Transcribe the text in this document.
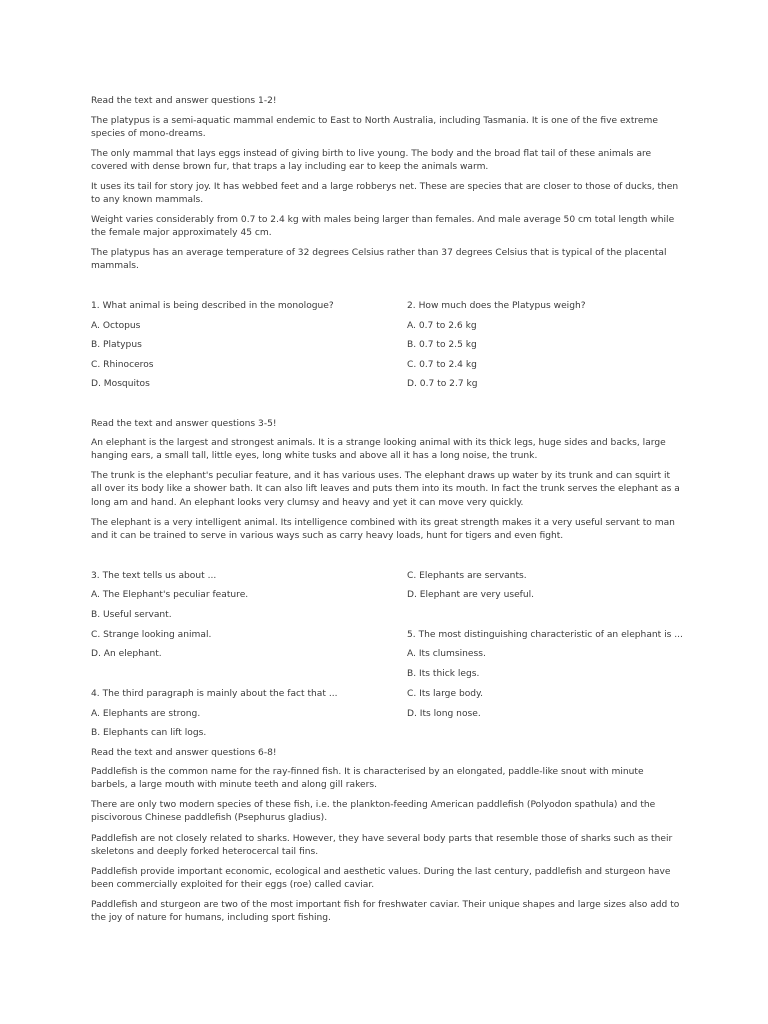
Read the text and answer questions 1-2!

The platypus is a semi-aquatic mammal endemic to East to North Australia, including Tasmania. It is one of the five extreme species of mono-dreams.

The only mammal that lays eggs instead of giving birth to live young. The body and the broad flat tail of these animals are covered with dense brown fur, that traps a lay including ear to keep the animals warm.

It uses its tail for story joy. It has webbed feet and a large robberys net. These are species that are closer to those of ducks, then to any known mammals.

Weight varies considerably from 0.7 to 2.4 kg with males being larger than females. And male average 50 cm total length while the female major approximately 45 cm.

The platypus has an average temperature of 32 degrees Celsius rather than 37 degrees Celsius that is typical of the placental mammals.

1. What animal is being described in the monologue?

A. Octopus

B. Platypus

C. Rhinoceros

D. Mosquitos

2. How much does the Platypus weigh?

A. 0.7 to 2.6 kg

B. 0.7 to 2.5 kg

C. 0.7 to 2.4 kg

D. 0.7 to 2.7 kg

Read the text and answer questions 3-5!

An elephant is the largest and strongest animals. It is a strange looking animal with its thick legs, huge sides and backs, large hanging ears, a small tall, little eyes, long white tusks and above all it has a long noise, the trunk.

The trunk is the elephant's peculiar feature, and it has various uses. The elephant draws up water by its trunk and can squirt it all over its body like a shower bath. It can also lift leaves and puts them into its mouth. In fact the trunk serves the elephant as a long am and hand. An elephant looks very clumsy and heavy and yet it can move very quickly.

The elephant is a very intelligent animal. Its intelligence combined with its great strength makes it a very useful servant to man and it can be trained to serve in various ways such as carry heavy loads, hunt for tigers and even fight.

3. The text tells us about ...

A. The Elephant's peculiar feature.

B. Useful servant.

C. Strange looking animal.

D. An elephant.

4. The third paragraph is mainly about the fact that ...

A. Elephants are strong.

B. Elephants can lift logs.

C. Elephants are servants.

D. Elephant are very useful.

5. The most distinguishing characteristic of an elephant is ...

A. Its clumsiness.

B. Its thick legs.

C. Its large body.

D. Its long nose.

Read the text and answer questions 6-8!

Paddlefish is the common name for the ray-finned fish. It is characterised by an elongated, paddle-like snout with minute barbels, a large mouth with minute teeth and along gill rakers.

There are only two modern species of these fish, i.e. the plankton-feeding American paddlefish (Polyodon spathula) and the piscivorous Chinese paddlefish (Psephurus gladius).

Paddlefish are not closely related to sharks. However, they have several body parts that resemble those of sharks such as their skeletons and deeply forked heterocercal tail fins.

Paddlefish provide important economic, ecological and aesthetic values. During the last century, paddlefish and sturgeon have been commercially exploited for their eggs (roe) called caviar.

Paddlefish and sturgeon are two of the most important fish for freshwater caviar. Their unique shapes and large sizes also add to the joy of nature for humans, including sport fishing.
